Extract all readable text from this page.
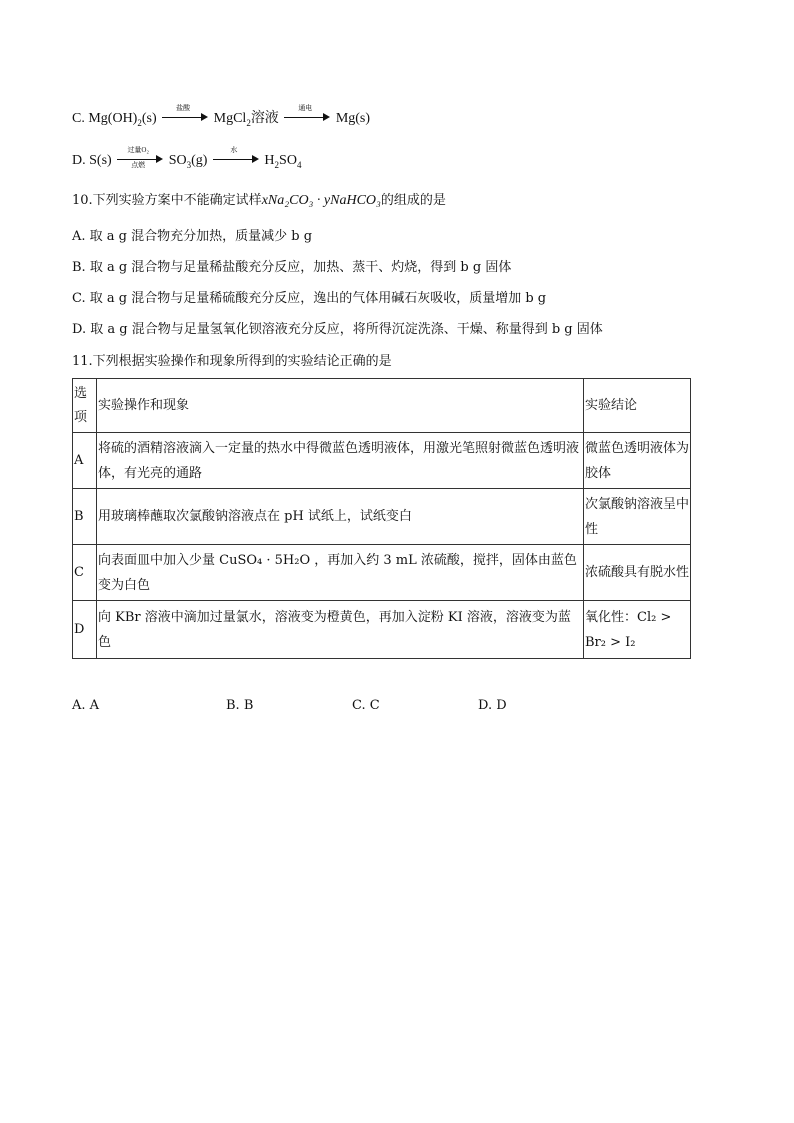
C. $Mg(OH)_2(s)$
盐酸
MgCl$_2$溶液
通电
Mg(s)
D. S(s)
过量O₂
点燃	$SO_3(g)$
水
$H_2SO_4$
10.下列实验方案中不能确定试样xNa₂CO₃ · yNaHCO₃的组成的是
A. 取 a g 混合物充分加热，质量减少 b g
B. 取 a g 混合物与足量稀盐酸充分反应，加热、蒸干、灼烧，得到 b g 固体
C. 取 a g 混合物与足量稀硫酸充分反应，逸出的气体用碱石灰吸收，质量增加 b g
D. 取 a g 混合物与足量氢氧化钡溶液充分反应，将所得沉淀洗涤、干燥、称量得到 b g 固体
11.下列根据实验操作和现象所得到的实验结论正确的是
选项	实验操作和现象	实验结论
A	将硫的酒精溶液滴入一定量的热水中得微蓝色透明液体，用激光笔照射微蓝色透明液体，有光亮的通路	微蓝色透明液体为胶体
B	用玻璃棒蘸取次氯酸钠溶液点在 pH 试纸上，试纸变白	次氯酸钠溶液呈中性
C	向表面皿中加入少量 CuSO₄ · 5H₂O ，再加入约 3 mL 浓硫酸，搅拌，固体由蓝色变为白色	浓硫酸具有脱水性
D	向 KBr 溶液中滴加过量氯水，溶液变为橙黄色，再加入淀粉 KI 溶液，溶液变为蓝色	氧化性：Cl₂ > Br₂ > I₂
A. A	B. B	C. C	D. D
